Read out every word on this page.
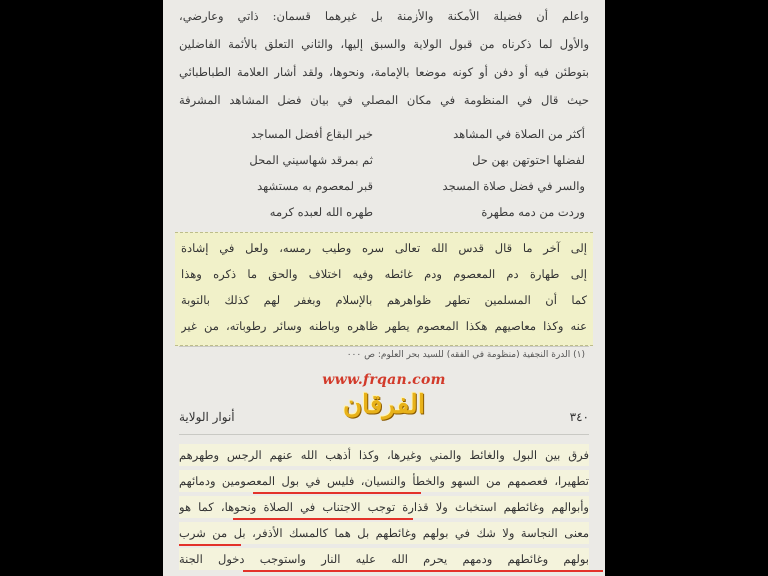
واعلم أن فضيلة الأمكنة والأزمنة بل غيرهما قسمان: ذاتي وعارضي،
والأول لما ذكرناه من قبول الولاية والسبق إليها، والثاني التعلق بالأئمة الفاضلين
بتوطئن فيه أو دفن أو كونه موضعا بالإمامة، ونحوها، ولقد أشار العلامة الطباطبائي
حيث قال في المنظومة في مكان المصلي في بيان فضل المشاهد المشرفة
أكثر من الصلاة في المشاهد
خير البقاع أفضل المساجد
لفضلها احتوتهن بهن حل
ثم بمرقد شهاسيني المحل
والسر في فضل صلاة المسجد
قبر لمعصوم به مستشهد
وردت من دمه مطهرة
طهره الله لعبده كرمه
إلى آخر ما قال قدس الله تعالى سره وطيب رمسه، ولعل في إشادة
إلى طهارة دم المعصوم ودم غائطه وفيه اختلاف والحق ما ذكره وهذا
كما أن المسلمين تطهر ظواهرهم بالإسلام وبغفر لهم كذلك بالتوبة
عنه وكذا معاصيهم هكذا المعصوم يطهر ظاهره وباطنه وسائر رطوباته، من غير
(١) الدرة النجفية (منظومة في الفقه) للسيد بحر العلوم: ص ٠٠٠
www.frqan.com
الفرقان	٣٤٠
أنوار الولاية
فرق بين البول والغائط والمني وغيرها، وكذا أذهب الله عنهم الرجس وطهرهم
تطهيرا، فعصمهم من السهو والخطأ والنسيان، فليس في بول المعصومين ودمائهم
وأبوالهم وغائطهم استخباث ولا قذارة توجب الاجتناب في الصلاة ونحوها، كما هو
معنى النجاسة ولا شك في بولهم وغائطهم بل هما كالمسك الأذفر، بل من شرب
بولهم وغائطهم ودمهم يحرم الله عليه النار واستوجب دخول الجنة
